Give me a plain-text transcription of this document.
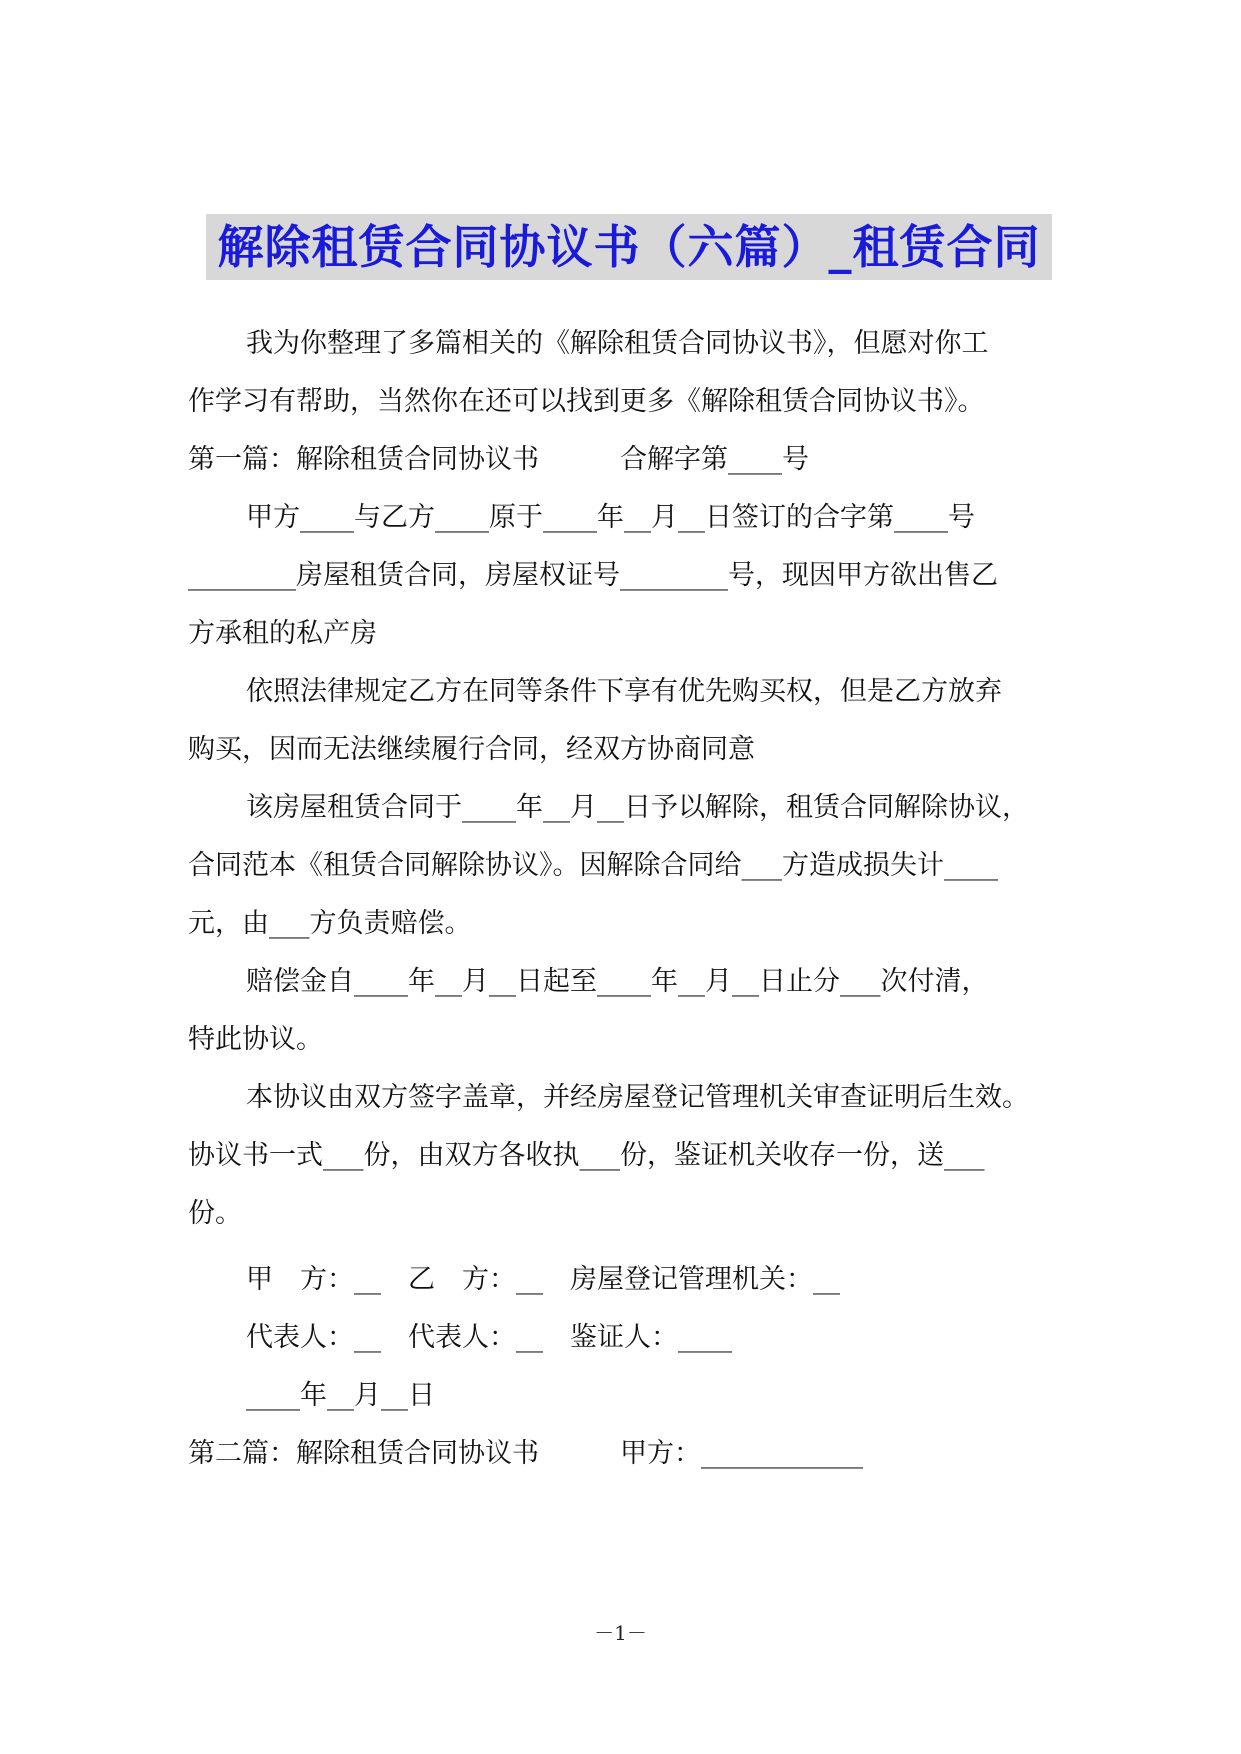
解除租赁合同协议书（六篇）_租赁合同
我为你整理了多篇相关的《解除租赁合同协议书》，但愿对你工
作学习有帮助，当然你在还可以找到更多《解除租赁合同协议书》。
第一篇：解除租赁合同协议书　　　合解字第____号
甲方____与乙方____原于____年__月__日签订的合字第____号
________房屋租赁合同，房屋权证号________号，现因甲方欲出售乙
方承租的私产房
依照法律规定乙方在同等条件下享有优先购买权，但是乙方放弃
购买，因而无法继续履行合同，经双方协商同意
该房屋租赁合同于____年__月__日予以解除，租赁合同解除协议，
合同范本《租赁合同解除协议》。因解除合同给___方造成损失计____
元，由___方负责赔偿。
赔偿金自____年__月__日起至____年__月__日止分___次付清，
特此协议。
本协议由双方签字盖章，并经房屋登记管理机关审查证明后生效。
协议书一式___份，由双方各收执___份，鉴证机关收存一份，送___
份。
甲　方：__　乙　方：__　房屋登记管理机关：__
代表人：__　代表人：__　鉴证人：____
____年__月__日
第二篇：解除租赁合同协议书　　　甲方：____________
－1－
